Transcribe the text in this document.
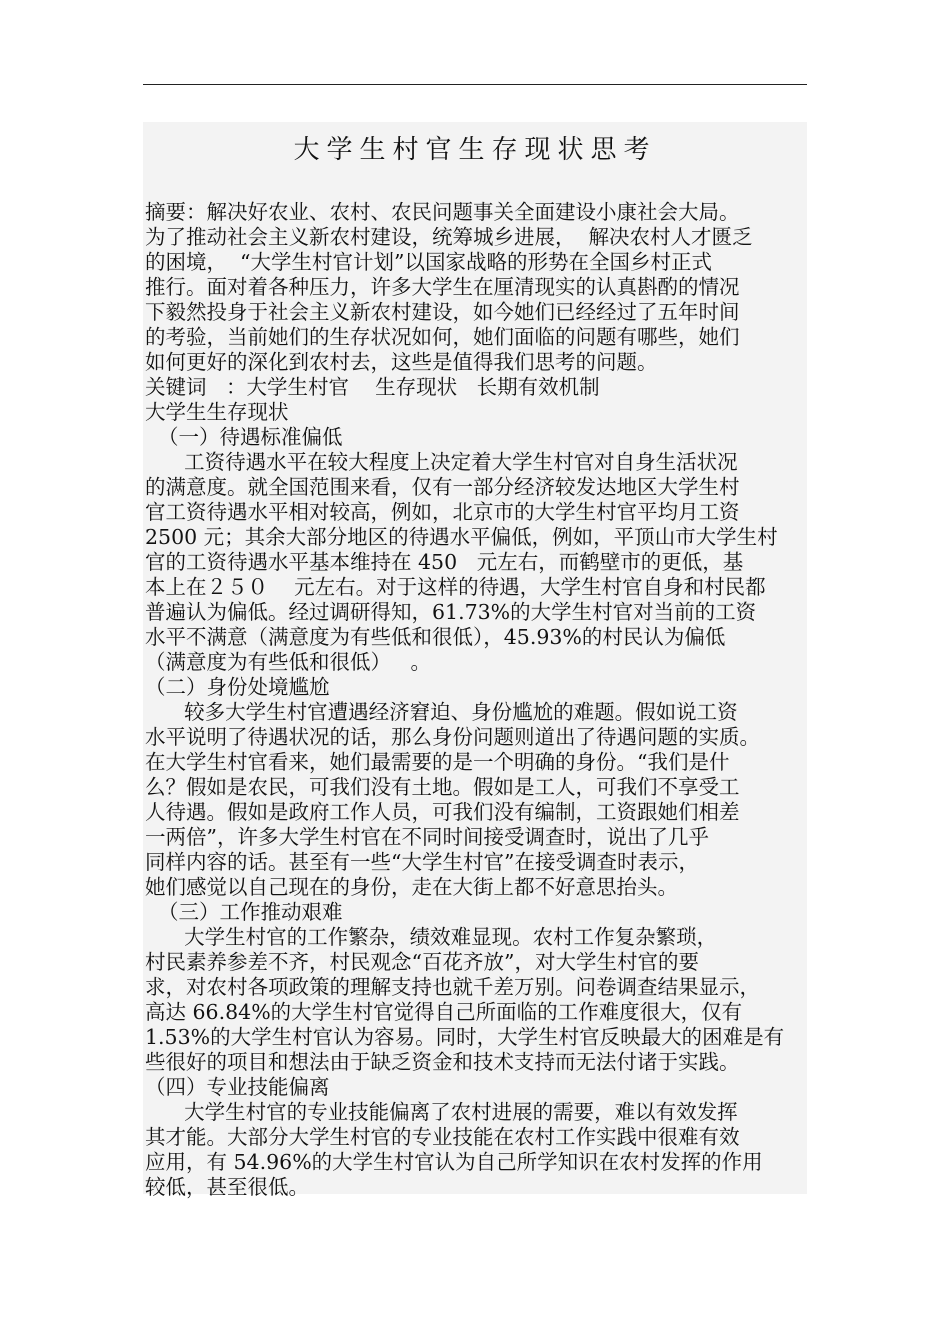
大学生村官生存现状思考

摘要：解决好农业、农村、农民问题事关全面建设小康社会大局。

为了推动社会主义新农村建设，统筹城乡进展，  解决农村人才匮乏

的困境，  “大学生村官计划”以国家战略的形势在全国乡村正式

推行。面对着各种压力，许多大学生在厘清现实的认真斟酌的情况

下毅然投身于社会主义新农村建设，如今她们已经经过了五年时间

的考验，当前她们的生存状况如何，她们面临的问题有哪些，她们

如何更好的深化到农村去，这些是值得我们思考的问题。

关键词   ：大学生村官    生存现状   长期有效机制

大学生生存现状

（一）待遇标准偏低

工资待遇水平在较大程度上决定着大学生村官对自身生活状况

的满意度。就全国范围来看，仅有一部分经济较发达地区大学生村

官工资待遇水平相对较高，例如，北京市的大学生村官平均月工资

2500 元；其余大部分地区的待遇水平偏低，例如，平顶山市大学生村

官的工资待遇水平基本维持在 450   元左右，而鹤壁市的更低，基

本上在２５０    元左右。对于这样的待遇，大学生村官自身和村民都

普遍认为偏低。经过调研得知，61.73%的大学生村官对当前的工资

水平不满意（满意度为有些低和很低），45.93%的村民认为偏低

（满意度为有些低和很低）   。

（二）身份处境尴尬

较多大学生村官遭遇经济窘迫、身份尴尬的难题。假如说工资

水平说明了待遇状况的话，那么身份问题则道出了待遇问题的实质。

在大学生村官看来，她们最需要的是一个明确的身份。“我们是什

么？假如是农民，可我们没有土地。假如是工人，可我们不享受工

人待遇。假如是政府工作人员，可我们没有编制，工资跟她们相差

一两倍”，许多大学生村官在不同时间接受调查时，说出了几乎

同样内容的话。甚至有一些“大学生村官”在接受调查时表示，

她们感觉以自己现在的身份，走在大街上都不好意思抬头。

（三）工作推动艰难

大学生村官的工作繁杂，绩效难显现。农村工作复杂繁琐，

村民素养参差不齐，村民观念“百花齐放”，对大学生村官的要

求，对农村各项政策的理解支持也就千差万别。问卷调查结果显示，

高达 66.84%的大学生村官觉得自己所面临的工作难度很大，仅有

1.53%的大学生村官认为容易。同时，大学生村官反映最大的困难是有

些很好的项目和想法由于缺乏资金和技术支持而无法付诸于实践。

（四）专业技能偏离

大学生村官的专业技能偏离了农村进展的需要，难以有效发挥

其才能。大部分大学生村官的专业技能在农村工作实践中很难有效

应用，有 54.96%的大学生村官认为自己所学知识在农村发挥的作用

较低，甚至很低。
